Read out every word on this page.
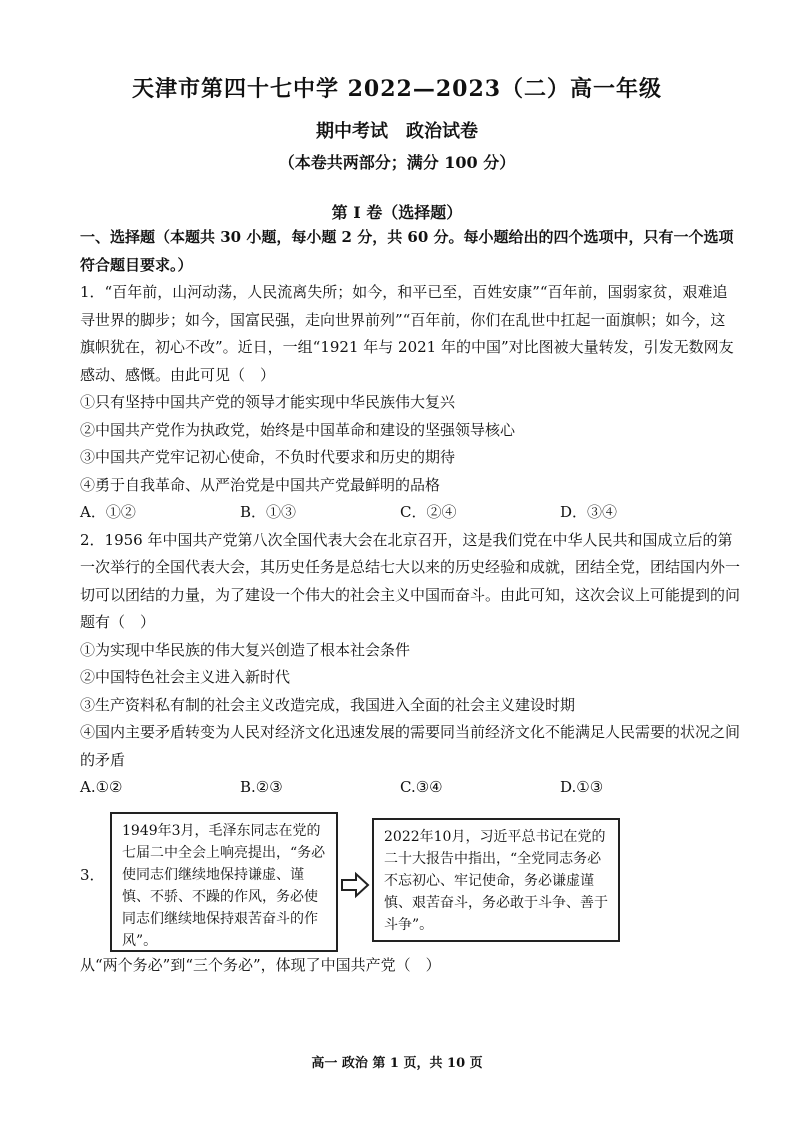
天津市第四十七中学 2022—2023（二）高一年级
期中考试　政治试卷
（本卷共两部分；满分 100 分）
第 I 卷（选择题）

一、选择题（本题共 30 小题，每小题 2 分，共 60 分。每小题给出的四个选项中，只有一个选项符合题目要求。）

1．“百年前，山河动荡，人民流离失所；如今，和平已至，百姓安康”“百年前，国弱家贫，艰难追寻世界的脚步；如今，国富民强，走向世界前列”“百年前，你们在乱世中扛起一面旗帜；如今，这旗帜犹在，初心不改”。近日，一组“1921 年与 2021 年的中国”对比图被大量转发，引发无数网友感动、感慨。由此可见（　）

①只有坚持中国共产党的领导才能实现中华民族伟大复兴

②中国共产党作为执政党，始终是中国革命和建设的坚强领导核心

③中国共产党牢记初心使命，不负时代要求和历史的期待

④勇于自我革命、从严治党是中国共产党最鲜明的品格

A．①②	B．①③	C．②④	D．③④

2．1956 年中国共产党第八次全国代表大会在北京召开，这是我们党在中华人民共和国成立后的第一次举行的全国代表大会，其历史任务是总结七大以来的历史经验和成就，团结全党，团结国内外一切可以团结的力量，为了建设一个伟大的社会主义中国而奋斗。由此可知，这次会议上可能提到的问题有（　）

①为实现中华民族的伟大复兴创造了根本社会条件

②中国特色社会主义进入新时代

③生产资料私有制的社会主义改造完成，我国进入全面的社会主义建设时期

④国内主要矛盾转变为人民对经济文化迅速发展的需要同当前经济文化不能满足人民需要的状况之间的矛盾

A.①②	B.②③	C.③④	D.①③
3．
1949年3月，毛泽东同志在党的七届二中全会上响亮提出，“务必使同志们继续地保持谦虚、谨慎、不骄、不躁的作风，务必使同志们继续地保持艰苦奋斗的作风”。
2022年10月，习近平总书记在党的二十大报告中指出，“全党同志务必不忘初心、牢记使命，务必谦虚谨慎、艰苦奋斗，务必敢于斗争、善于斗争”。

从“两个务必”到“三个务必”，体现了中国共产党（　）

高一 政治 第 1 页，共 10 页
